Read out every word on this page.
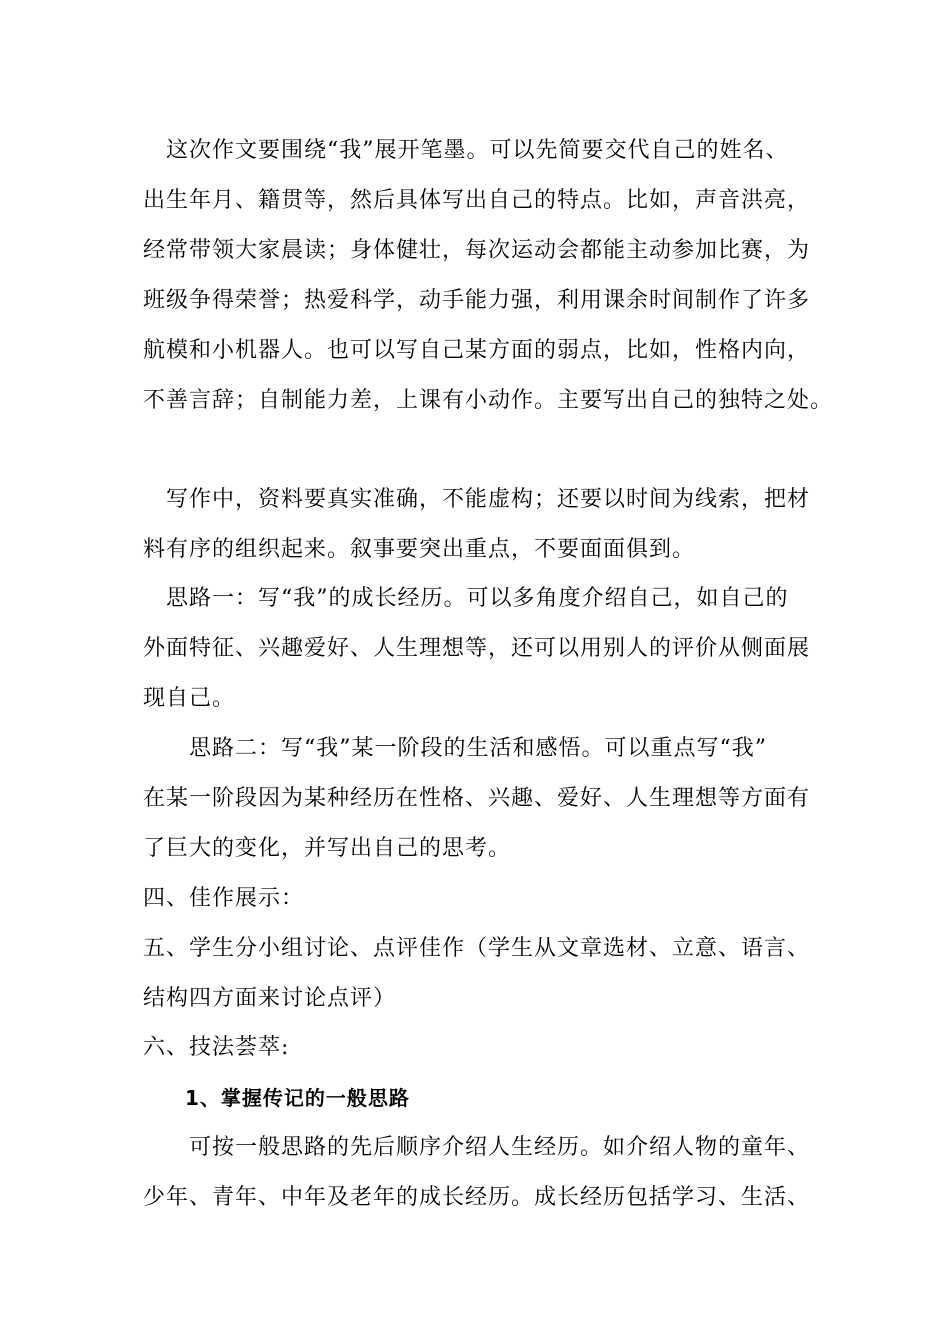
　这次作文要围绕“我”展开笔墨。可以先简要交代自己的姓名、
出生年月、籍贯等，然后具体写出自己的特点。比如，声音洪亮，
经常带领大家晨读；身体健壮，每次运动会都能主动参加比赛，为
班级争得荣誉；热爱科学，动手能力强，利用课余时间制作了许多
航模和小机器人。也可以写自己某方面的弱点，比如，性格内向，
不善言辞；自制能力差，上课有小动作。主要写出自己的独特之处。
　写作中，资料要真实准确，不能虚构；还要以时间为线索，把材
料有序的组织起来。叙事要突出重点，不要面面俱到。
　思路一：写“我”的成长经历。可以多角度介绍自己，如自己的
外面特征、兴趣爱好、人生理想等，还可以用别人的评价从侧面展
现自己。
　　思路二：写“我”某一阶段的生活和感悟。可以重点写“我”
在某一阶段因为某种经历在性格、兴趣、爱好、人生理想等方面有
了巨大的变化，并写出自己的思考。
四、佳作展示：
五、学生分小组讨论、点评佳作（学生从文章选材、立意、语言、
结构四方面来讨论点评）
六、技法荟萃:
　　1、掌握传记的一般思路
　　可按一般思路的先后顺序介绍人生经历。如介绍人物的童年、
少年、青年、中年及老年的成长经历。成长经历包括学习、生活、
